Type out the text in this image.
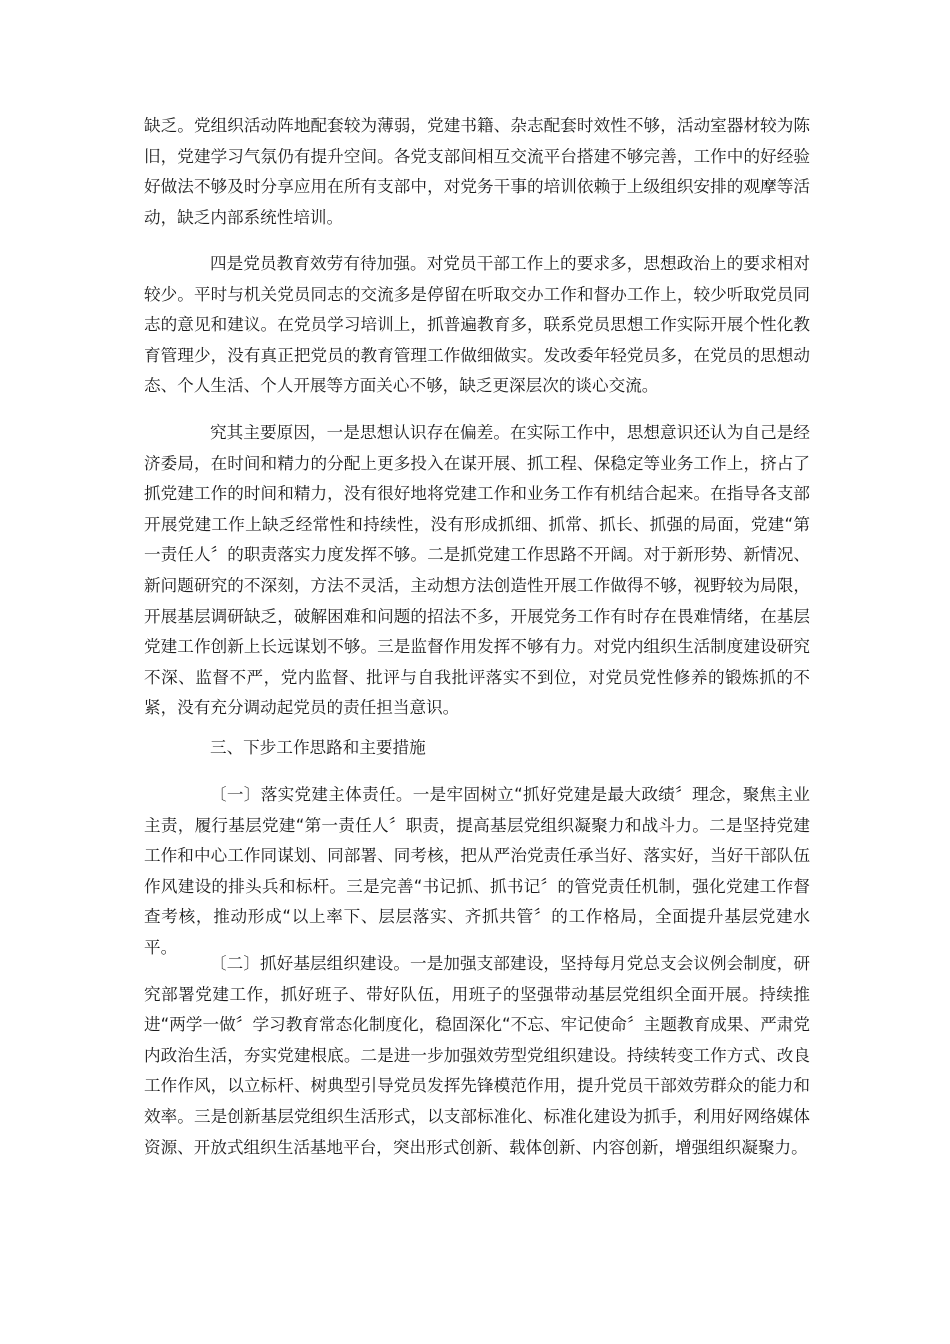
缺乏。党组织活动阵地配套较为薄弱，党建书籍、杂志配套时效性不够，活动室器材较为陈旧，党建学习气氛仍有提升空间。各党支部间相互交流平台搭建不够完善，工作中的好经验好做法不够及时分享应用在所有支部中，对党务干事的培训依赖于上级组织安排的观摩等活动，缺乏内部系统性培训。

四是党员教育效劳有待加强。对党员干部工作上的要求多，思想政治上的要求相对较少。平时与机关党员同志的交流多是停留在听取交办工作和督办工作上，较少听取党员同志的意见和建议。在党员学习培训上，抓普遍教育多，联系党员思想工作实际开展个性化教育管理少，没有真正把党员的教育管理工作做细做实。发改委年轻党员多，在党员的思想动态、个人生活、个人开展等方面关心不够，缺乏更深层次的谈心交流。

究其主要原因，一是思想认识存在偏差。在实际工作中，思想意识还认为自己是经济委局，在时间和精力的分配上更多投入在谋开展、抓工程、保稳定等业务工作上，挤占了抓党建工作的时间和精力，没有很好地将党建工作和业务工作有机结合起来。在指导各支部开展党建工作上缺乏经常性和持续性，没有形成抓细、抓常、抓长、抓强的局面，党建“第一责任人〞的职责落实力度发挥不够。二是抓党建工作思路不开阔。对于新形势、新情况、新问题研究的不深刻，方法不灵活，主动想方法创造性开展工作做得不够，视野较为局限，开展基层调研缺乏，破解困难和问题的招法不多，开展党务工作有时存在畏难情绪，在基层党建工作创新上长远谋划不够。三是监督作用发挥不够有力。对党内组织生活制度建设研究不深、监督不严，党内监督、批评与自我批评落实不到位，对党员党性修养的锻炼抓的不紧，没有充分调动起党员的责任担当意识。

三、下步工作思路和主要措施

〔一〕落实党建主体责任。一是牢固树立“抓好党建是最大政绩〞理念，聚焦主业主责，履行基层党建“第一责任人〞职责，提高基层党组织凝聚力和战斗力。二是坚持党建工作和中心工作同谋划、同部署、同考核，把从严治党责任承当好、落实好，当好干部队伍作风建设的排头兵和标杆。三是完善“书记抓、抓书记〞的管党责任机制，强化党建工作督查考核，推动形成“以上率下、层层落实、齐抓共管〞的工作格局，全面提升基层党建水平。

〔二〕抓好基层组织建设。一是加强支部建设，坚持每月党总支会议例会制度，研究部署党建工作，抓好班子、带好队伍，用班子的坚强带动基层党组织全面开展。持续推进“两学一做〞学习教育常态化制度化，稳固深化“不忘、牢记使命〞主题教育成果、严肃党内政治生活，夯实党建根底。二是进一步加强效劳型党组织建设。持续转变工作方式、改良工作作风，以立标杆、树典型引导党员发挥先锋模范作用，提升党员干部效劳群众的能力和效率。三是创新基层党组织生活形式，以支部标准化、标准化建设为抓手，利用好网络媒体资源、开放式组织生活基地平台，突出形式创新、载体创新、内容创新，增强组织凝聚力。
